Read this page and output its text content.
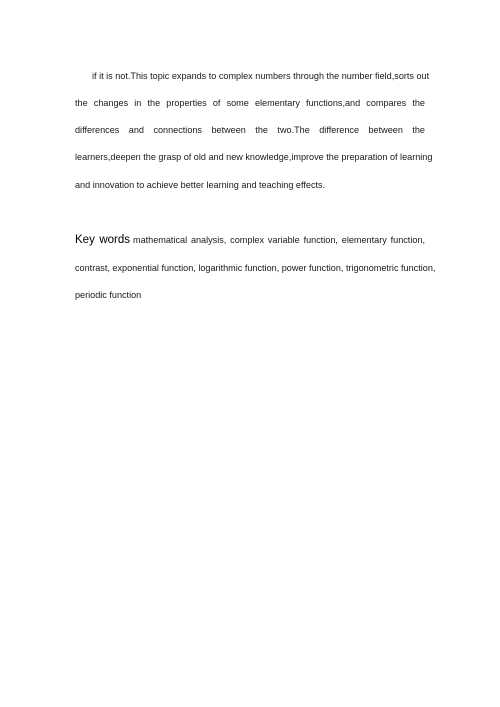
if it is not.This topic expands to complex numbers through the number field,sorts out
the changes in the properties of some elementary functions,and compares the
differences and connections between the two.The difference between the
learners,deepen the grasp of old and new knowledge,improve the preparation of learning
and innovation to achieve better learning and teaching effects.
Key words mathematical analysis, complex variable function, elementary function,
contrast, exponential function, logarithmic function, power function, trigonometric function,
periodic function
